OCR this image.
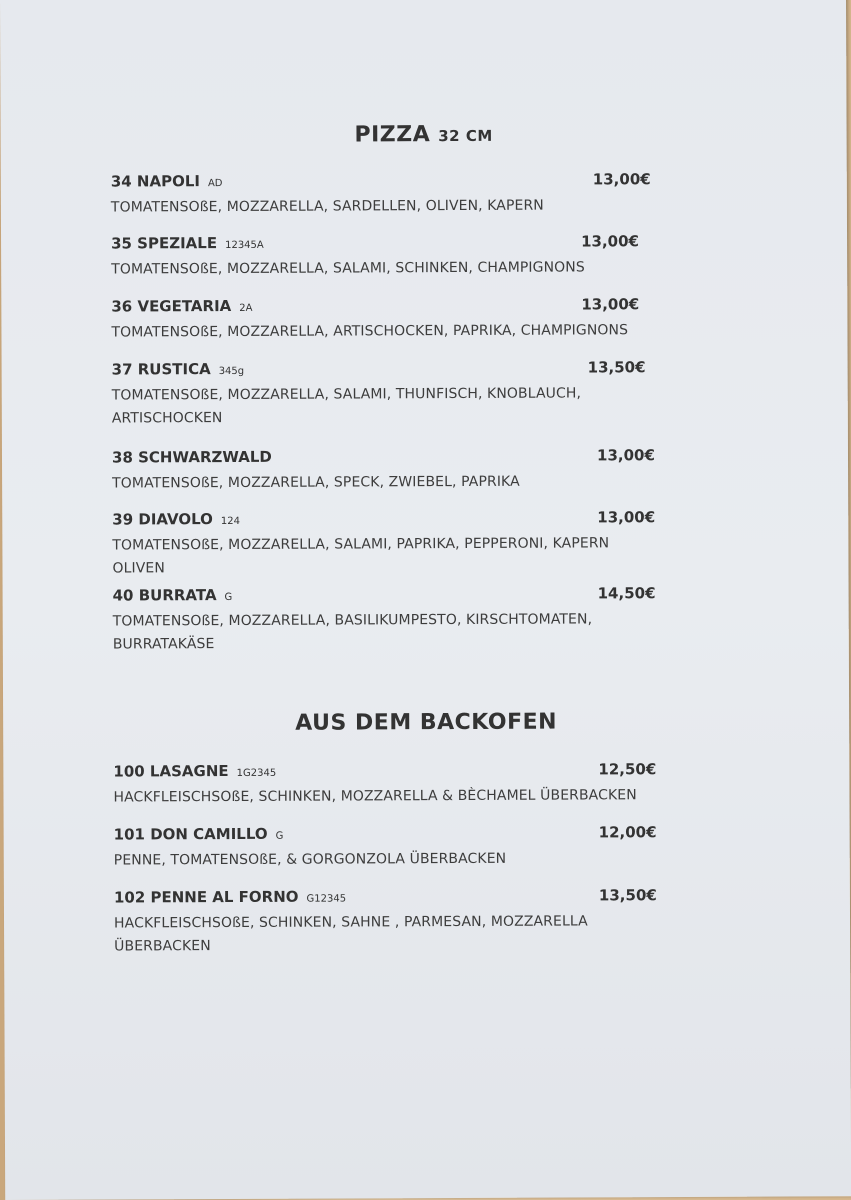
PIZZA 32 CM
34 NAPOLI AD	13,00€
TOMATENSOßE, MOZZARELLA, SARDELLEN, OLIVEN, KAPERN
35 SPEZIALE 12345A	13,00€
TOMATENSOßE, MOZZARELLA, SALAMI, SCHINKEN, CHAMPIGNONS
36 VEGETARIA 2A	13,00€
TOMATENSOßE, MOZZARELLA, ARTISCHOCKEN, PAPRIKA, CHAMPIGNONS
37 RUSTICA 345g	13,50€
TOMATENSOßE, MOZZARELLA, SALAMI, THUNFISCH, KNOBLAUCH,
ARTISCHOCKEN
38 SCHWARZWALD	13,00€
TOMATENSOßE, MOZZARELLA, SPECK, ZWIEBEL, PAPRIKA
39 DIAVOLO 124	13,00€
TOMATENSOßE, MOZZARELLA, SALAMI, PAPRIKA, PEPPERONI, KAPERN
OLIVEN
40 BURRATA G	14,50€
TOMATENSOßE, MOZZARELLA, BASILIKUMPESTO, KIRSCHTOMATEN,
BURRATAKÄSE
AUS DEM BACKOFEN
100 LASAGNE 1G2345	12,50€
HACKFLEISCHSOßE, SCHINKEN, MOZZARELLA & BÈCHAMEL ÜBERBACKEN
101 DON CAMILLO G	12,00€
PENNE, TOMATENSOßE, & GORGONZOLA ÜBERBACKEN
102 PENNE AL FORNO G12345	13,50€
HACKFLEISCHSOßE, SCHINKEN, SAHNE , PARMESAN, MOZZARELLA
ÜBERBACKEN
